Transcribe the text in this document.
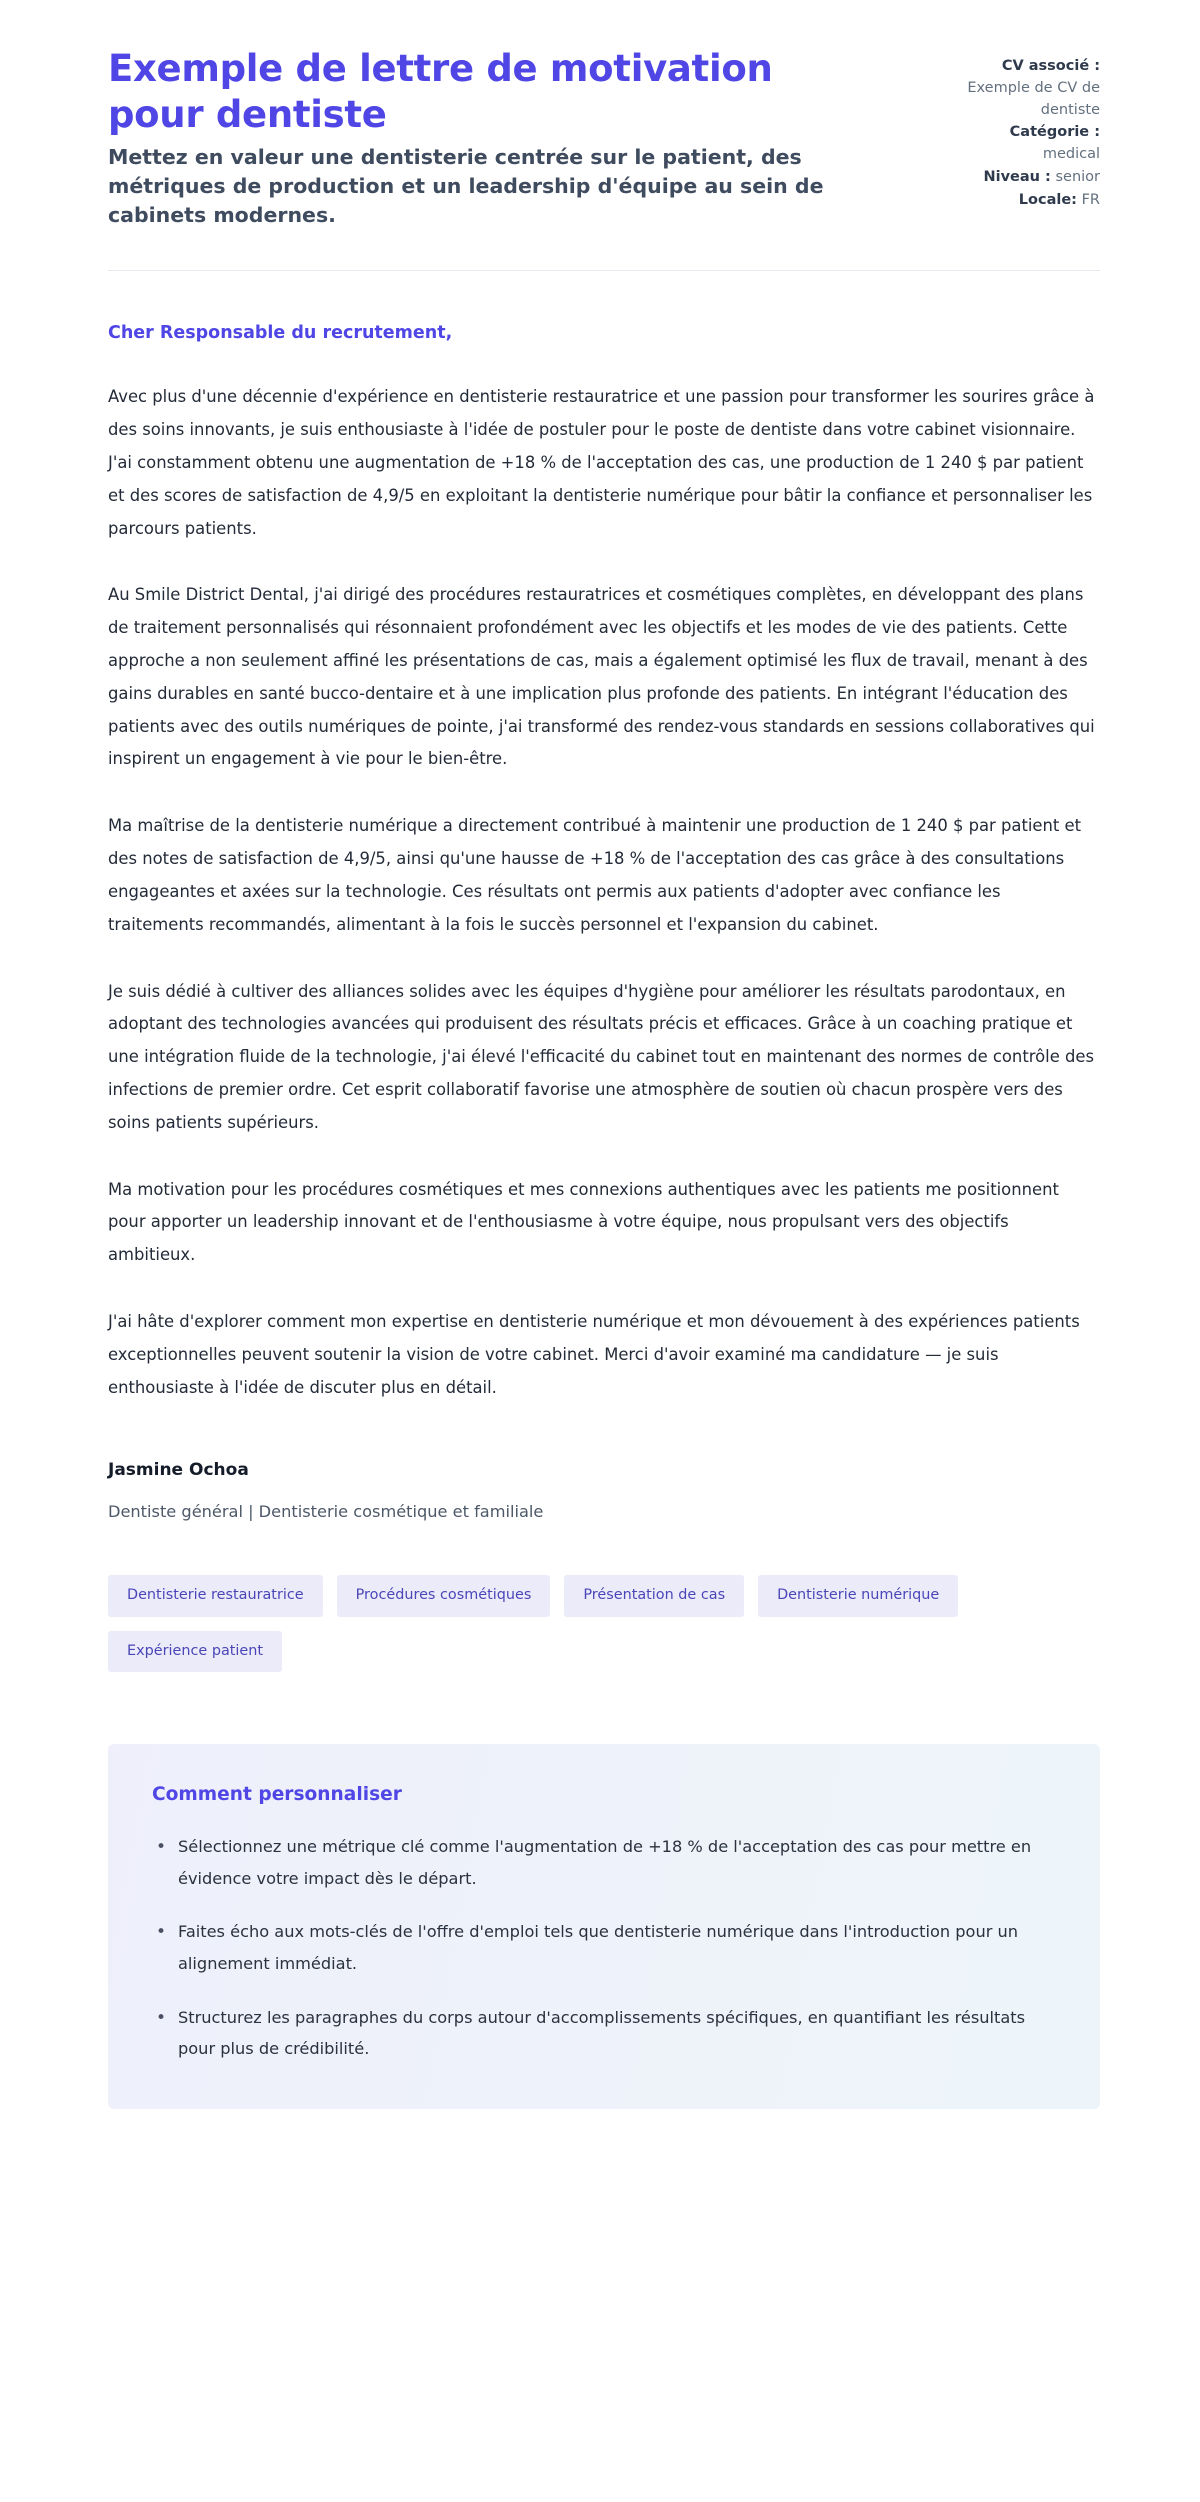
Exemple de lettre de motivation pour dentiste

Mettez en valeur une dentisterie centrée sur le patient, des métriques de production et un leadership d'équipe au sein de cabinets modernes.

CV associé :
Exemple de CV de dentiste
Catégorie :
medical
Niveau : senior
Locale: FR

Cher Responsable du recrutement,

Avec plus d'une décennie d'expérience en dentisterie restauratrice et une passion pour transformer les sourires grâce à des soins innovants, je suis enthousiaste à l'idée de postuler pour le poste de dentiste dans votre cabinet visionnaire. J'ai constamment obtenu une augmentation de +18 % de l'acceptation des cas, une production de 1 240 $ par patient et des scores de satisfaction de 4,9/5 en exploitant la dentisterie numérique pour bâtir la confiance et personnaliser les parcours patients.

Au Smile District Dental, j'ai dirigé des procédures restauratrices et cosmétiques complètes, en développant des plans de traitement personnalisés qui résonnaient profondément avec les objectifs et les modes de vie des patients. Cette approche a non seulement affiné les présentations de cas, mais a également optimisé les flux de travail, menant à des gains durables en santé bucco-dentaire et à une implication plus profonde des patients. En intégrant l'éducation des patients avec des outils numériques de pointe, j'ai transformé des rendez-vous standards en sessions collaboratives qui inspirent un engagement à vie pour le bien-être.

Ma maîtrise de la dentisterie numérique a directement contribué à maintenir une production de 1 240 $ par patient et des notes de satisfaction de 4,9/5, ainsi qu'une hausse de +18 % de l'acceptation des cas grâce à des consultations engageantes et axées sur la technologie. Ces résultats ont permis aux patients d'adopter avec confiance les traitements recommandés, alimentant à la fois le succès personnel et l'expansion du cabinet.

Je suis dédié à cultiver des alliances solides avec les équipes d'hygiène pour améliorer les résultats parodontaux, en adoptant des technologies avancées qui produisent des résultats précis et efficaces. Grâce à un coaching pratique et une intégration fluide de la technologie, j'ai élevé l'efficacité du cabinet tout en maintenant des normes de contrôle des infections de premier ordre. Cet esprit collaboratif favorise une atmosphère de soutien où chacun prospère vers des soins patients supérieurs.

Ma motivation pour les procédures cosmétiques et mes connexions authentiques avec les patients me positionnent pour apporter un leadership innovant et de l'enthousiasme à votre équipe, nous propulsant vers des objectifs ambitieux.

J'ai hâte d'explorer comment mon expertise en dentisterie numérique et mon dévouement à des expériences patients exceptionnelles peuvent soutenir la vision de votre cabinet. Merci d'avoir examiné ma candidature — je suis enthousiaste à l'idée de discuter plus en détail.

Jasmine Ochoa

Dentiste général | Dentisterie cosmétique et familiale

Dentisterie restauratrice	Procédures cosmétiques	Présentation de cas	Dentisterie numérique
Expérience patient
Comment personnaliser
• Sélectionnez une métrique clé comme l'augmentation de +18 % de l'acceptation des cas pour mettre en évidence votre impact dès le départ.
• Faites écho aux mots-clés de l'offre d'emploi tels que dentisterie numérique dans l'introduction pour un alignement immédiat.
• Structurez les paragraphes du corps autour d'accomplissements spécifiques, en quantifiant les résultats pour plus de crédibilité.
